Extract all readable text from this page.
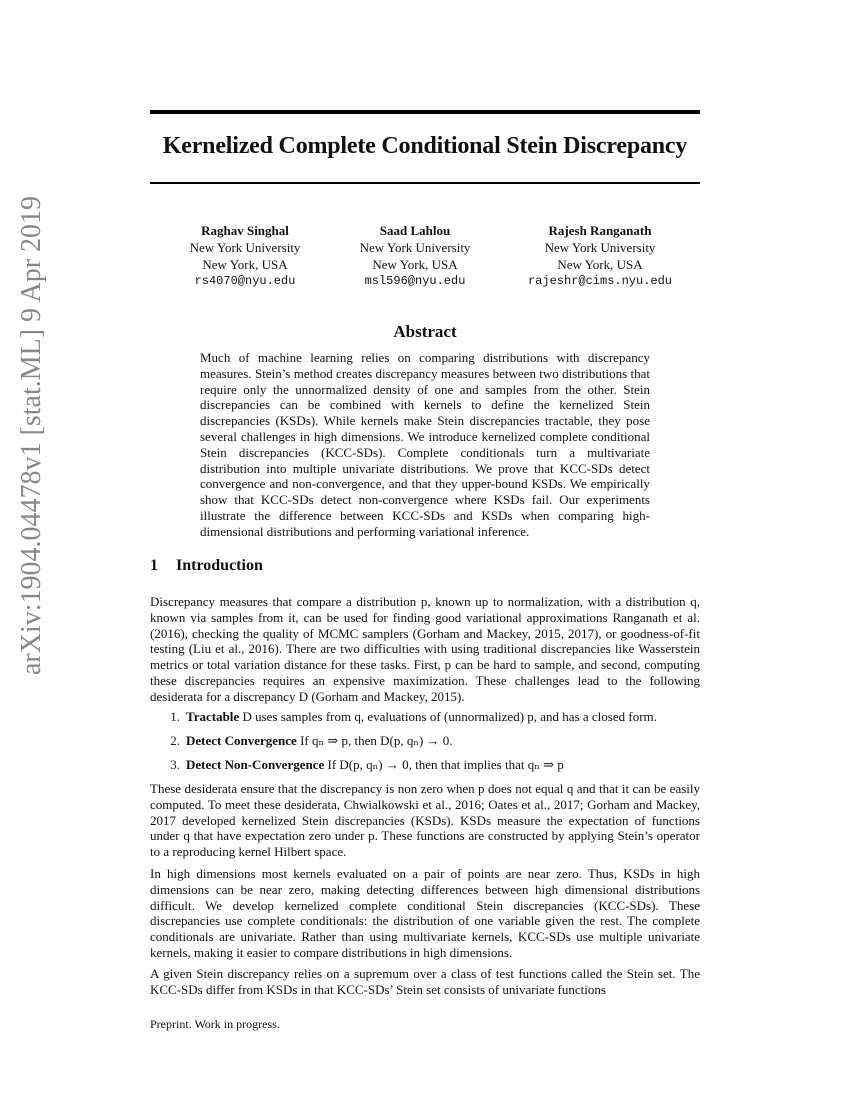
arXiv:1904.04478v1 [stat.ML] 9 Apr 2019
Kernelized Complete Conditional Stein Discrepancy
Raghav Singhal
New York University
New York, USA
rs4070@nyu.edu
Saad Lahlou
New York University
New York, USA
msl596@nyu.edu
Rajesh Ranganath
New York University
New York, USA
rajeshr@cims.nyu.edu
Abstract
Much of machine learning relies on comparing distributions with discrepancy measures. Stein’s method creates discrepancy measures between two distributions that require only the unnormalized density of one and samples from the other. Stein discrepancies can be combined with kernels to define the kernelized Stein discrepancies (KSDs). While kernels make Stein discrepancies tractable, they pose several challenges in high dimensions. We introduce kernelized complete conditional Stein discrepancies (KCC-SDs). Complete conditionals turn a multivariate distribution into multiple univariate distributions. We prove that KCC-SDs detect convergence and non-convergence, and that they upper-bound KSDs. We empirically show that KCC-SDs detect non-convergence where KSDs fail. Our experiments illustrate the difference between KCC-SDs and KSDs when comparing high-dimensional distributions and performing variational inference.
1 Introduction
Discrepancy measures that compare a distribution p, known up to normalization, with a distribution q, known via samples from it, can be used for finding good variational approximations Ranganath et al. (2016), checking the quality of MCMC samplers (Gorham and Mackey, 2015, 2017), or goodness-of-fit testing (Liu et al., 2016). There are two difficulties with using traditional discrepancies like Wasserstein metrics or total variation distance for these tasks. First, p can be hard to sample, and second, computing these discrepancies requires an expensive maximization. These challenges lead to the following desiderata for a discrepancy D (Gorham and Mackey, 2015).
1. Tractable D uses samples from q, evaluations of (unnormalized) p, and has a closed form.
2. Detect Convergence If qₙ ⇒ p, then D(p, qₙ) → 0.
3. Detect Non-Convergence If D(p, qₙ) → 0, then that implies that qₙ ⇒ p
These desiderata ensure that the discrepancy is non zero when p does not equal q and that it can be easily computed. To meet these desiderata, Chwialkowski et al., 2016; Oates et al., 2017; Gorham and Mackey, 2017 developed kernelized Stein discrepancies (KSDs). KSDs measure the expectation of functions under q that have expectation zero under p. These functions are constructed by applying Stein’s operator to a reproducing kernel Hilbert space.
In high dimensions most kernels evaluated on a pair of points are near zero. Thus, KSDs in high dimensions can be near zero, making detecting differences between high dimensional distributions difficult. We develop kernelized complete conditional Stein discrepancies (KCC-SDs). These discrepancies use complete conditionals: the distribution of one variable given the rest. The complete conditionals are univariate. Rather than using multivariate kernels, KCC-SDs use multiple univariate kernels, making it easier to compare distributions in high dimensions.
A given Stein discrepancy relies on a supremum over a class of test functions called the Stein set. The KCC-SDs differ from KSDs in that KCC-SDs’ Stein set consists of univariate functions
Preprint. Work in progress.
